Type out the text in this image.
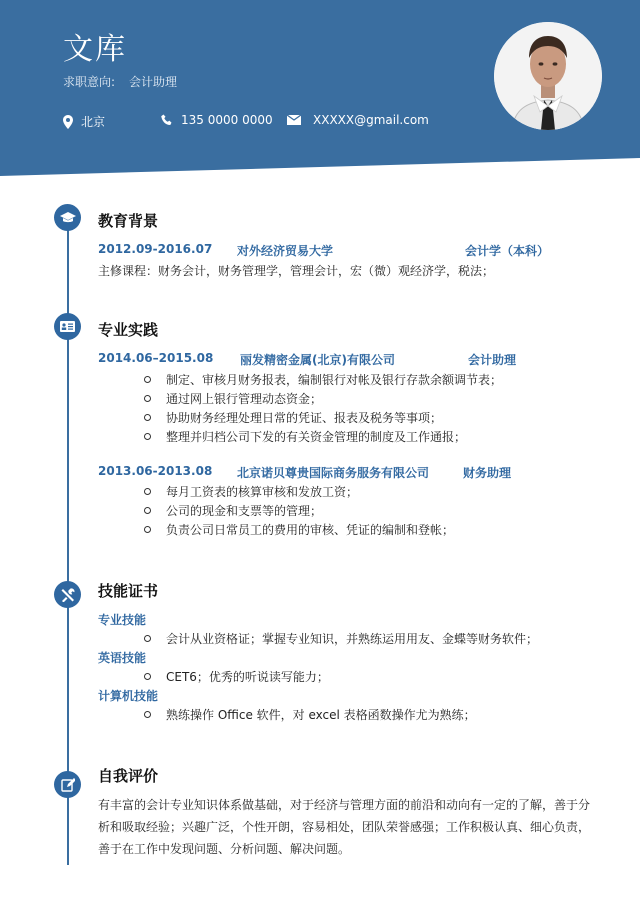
文库
求职意向: 会计助理
北京	135 0000 0000	XXXXX@gmail.com
教育背景
2012.09-2016.07 对外经济贸易大学	会计学（本科）
主修课程：财务会计，财务管理学，管理会计，宏（微）观经济学，税法；
专业实践
2014.06–2015.08 丽发精密金属(北京)有限公司	会计助理
制定、审核月财务报表，编制银行对帐及银行存款余额调节表；
通过网上银行管理动态资金；
协助财务经理处理日常的凭证、报表及税务等事项；
整理并归档公司下发的有关资金管理的制度及工作通报；
2013.06-2013.08 北京诺贝尊贵国际商务服务有限公司	财务助理
每月工资表的核算审核和发放工资；
公司的现金和支票等的管理；
负责公司日常员工的费用的审核、凭证的编制和登帐；
技能证书
专业技能
会计从业资格证；掌握专业知识，并熟练运用用友、金蝶等财务软件；
英语技能
CET6；优秀的听说读写能力；
计算机技能
熟练操作 Office 软件，对 excel 表格函数操作尤为熟练；
自我评价
有丰富的会计专业知识体系做基础，对于经济与管理方面的前沿和动向有一定的了解，善于分析和吸取经验；兴趣广泛，个性开朗，容易相处，团队荣誉感强；工作积极认真、细心负责，善于在工作中发现问题、分析问题、解决问题。
